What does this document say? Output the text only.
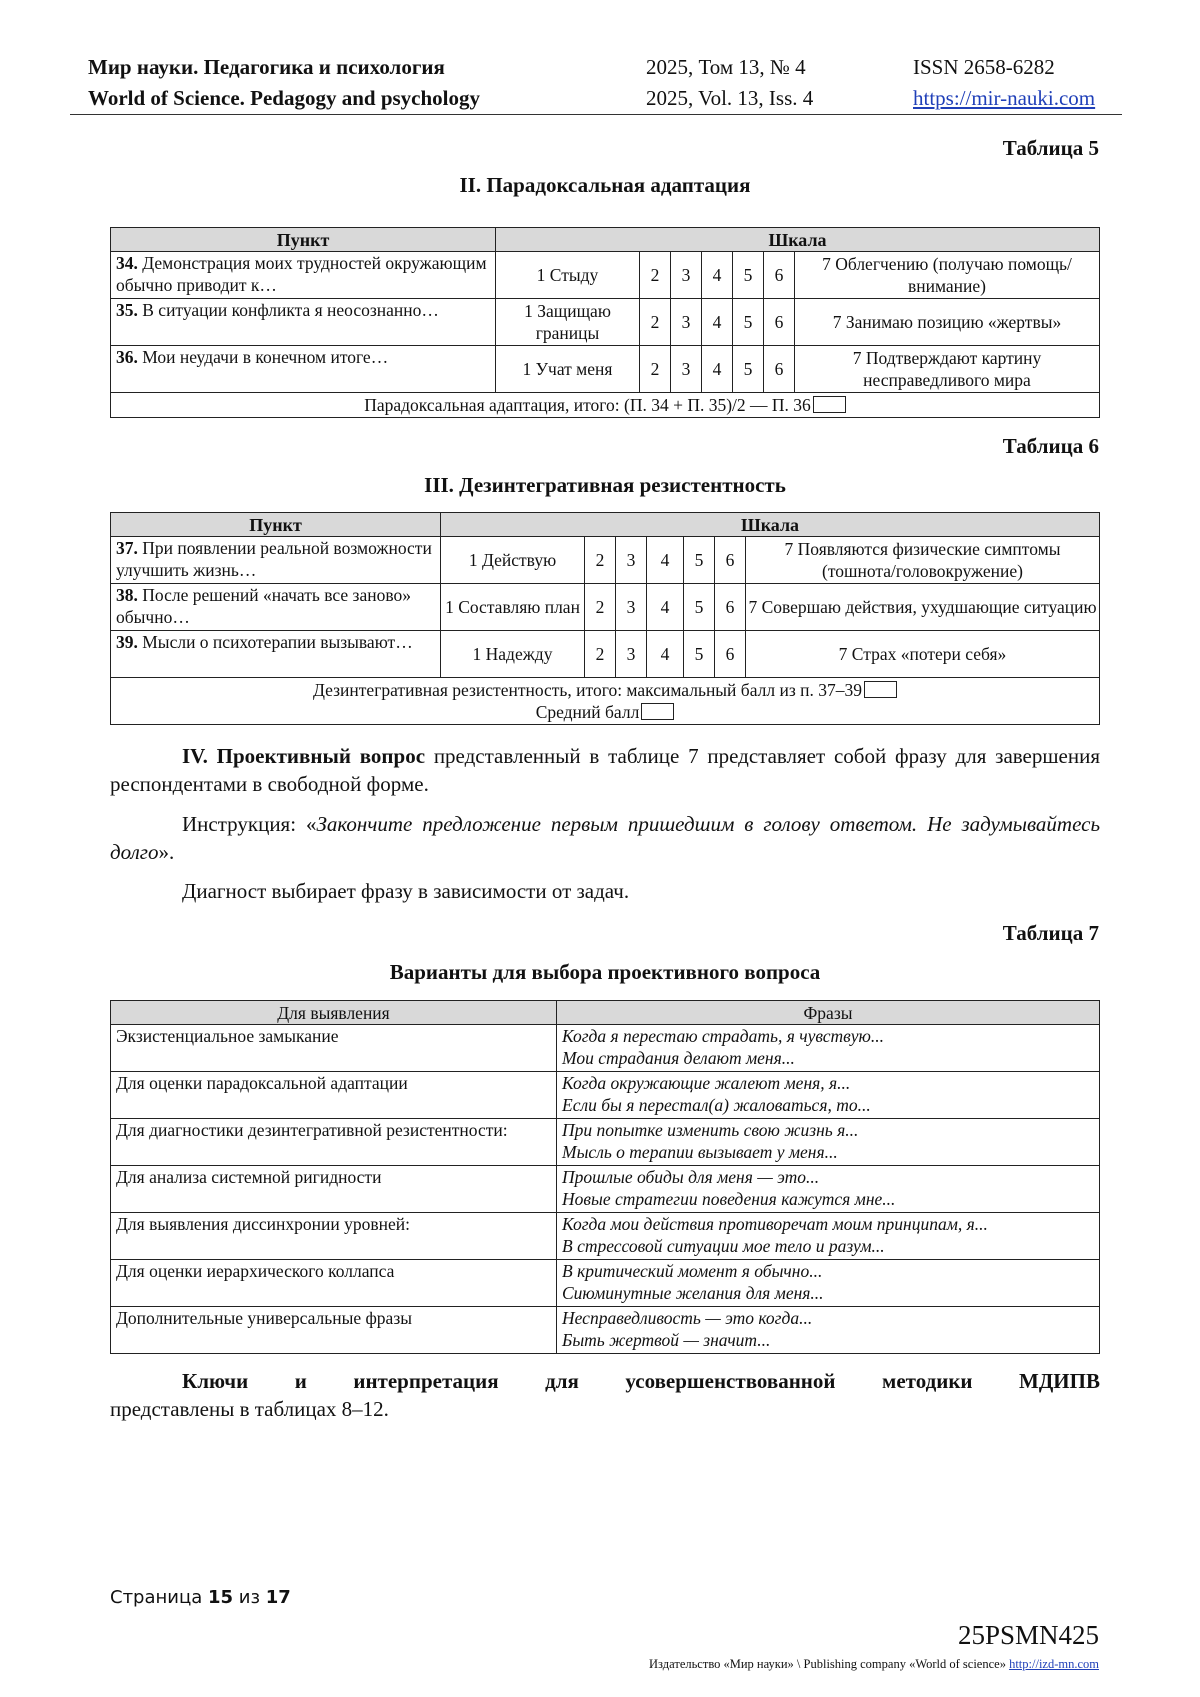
Мир науки. Педагогика и психология
World of Science. Pedagogy and psychology
2025, Том 13, № 4
2025, Vol. 13, Iss. 4
ISSN 2658-6282
https://mir-nauki.com
Таблица 5
II. Парадоксальная адаптация
Пункт	Шкала						
34. Демонстрация моих трудностей окружающим обычно приводит к…	1 Стыду	2	3	4	5	6	7 Облегчению (получаю помощь/внимание)
35. В ситуации конфликта я неосознанно…	1 Защищаю границы	2	3	4	5	6	7 Занимаю позицию «жертвы»
36. Мои неудачи в конечном итоге…	1 Учат меня	2	3	4	5	6	7 Подтверждают картину несправедливого мира
Парадоксальная адаптация, итого: (П. 34 + П. 35)/2 — П. 36							
Таблица 6
III. Дезинтегративная резистентность
Пункт	Шкала						
37. При появлении реальной возможности улучшить жизнь…	1 Действую	2	3	4	5	6	7 Появляются физические симптомы (тошнота/головокружение)
38. После решений «начать все заново» обычно…	1 Составляю план	2	3	4	5	6	7 Совершаю действия, ухудшающие ситуацию
39. Мысли о психотерапии вызывают…	1 Надежду	2	3	4	5	6	7 Страх «потери себя»

Дезинтегративная резистентность, итого: максимальный балл из п. 37–39
Средний балл							
IV. Проективный вопрос представленный в таблице 7 представляет собой фразу для завершения респондентами в свободной форме.
Инструкция: «Закончите предложение первым пришедшим в голову ответом. Не задумывайтесь долго».
Диагност выбирает фразу в зависимости от задач.
Таблица 7
Варианты для выбора проективного вопроса
Для выявления	Фразы
Экзистенциальное замыкание	Когда я перестаю страдать, я чувствую...
Мои страдания делают меня...

Для оценки парадоксальной адаптации	Когда окружающие жалеют меня, я...
Если бы я перестал(а) жаловаться, то...

Для диагностики дезинтегративной резистентности:	При попытке изменить свою жизнь я...
Мысль о терапии вызывает у меня...

Для анализа системной ригидности	Прошлые обиды для меня — это...
Новые стратегии поведения кажутся мне...

Для выявления диссинхронии уровней:	Когда мои действия противоречат моим принципам, я...
В стрессовой ситуации мое тело и разум...

Для оценки иерархического коллапса	В критический момент я обычно...
Сиюминутные желания для меня...

Дополнительные универсальные фразы	Несправедливость — это когда...
Быть жертвой — значит...
Ключи и интерпретация для усовершенствованной методики МДИПВ представлены в таблицах 8–12.
Страница 15 из 17
25PSMN425
Издательство «Мир науки» \ Publishing company «World of science» http://izd-mn.com
